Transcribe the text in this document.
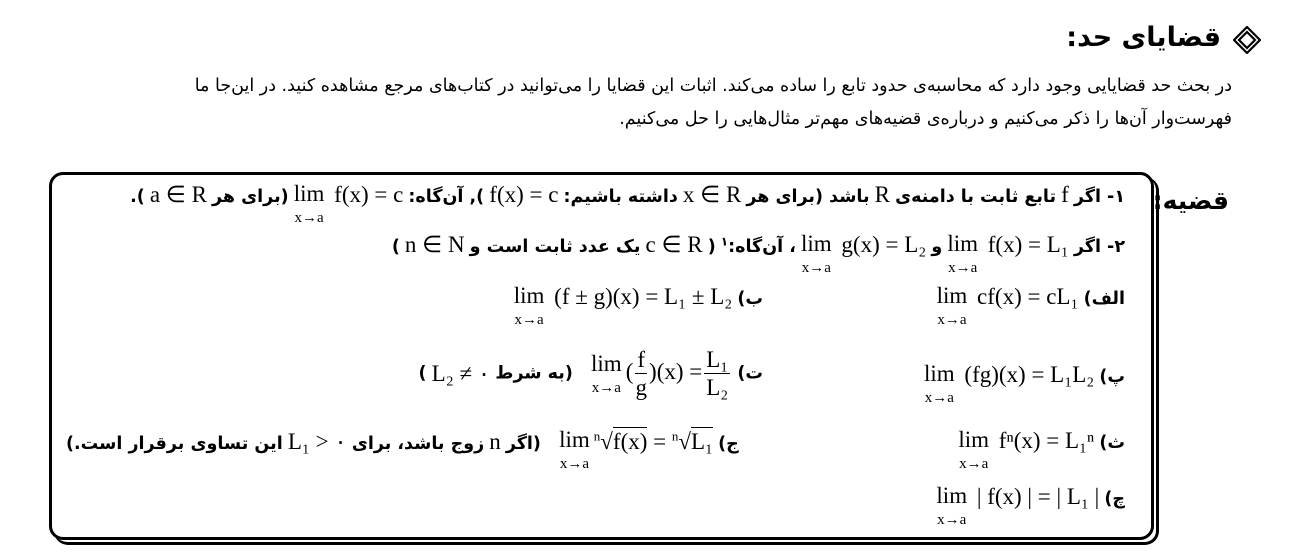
قضایای حد:

در بحث حد قضایایی وجود دارد که محاسبه‌ی حدود تابع را ساده می‌کند. اثبات این قضایا را می‌توانید در کتاب‌های مرجع مشاهده کنید. در این‌جا ما

فهرست‌وار آن‌ها را ذکر می‌کنیم و درباره‌ی قضیه‌های مهم‌تر مثال‌هایی را حل می‌کنیم.

قضیه:
۱- اگر f تابع ثابت با دامنه‌ی R باشد (برای هر x ∈ R داشته باشیم: f(x) = c ), آن‌گاه:
lim
x→a
f(x) = c (برای هر a ∈ R ).
۲- اگر
lim
x→a
f(x) = L₁ و
lim
x→a
g(x) = L₂ ، آن‌گاه:$^۱$ ( c ∈ R یک عدد ثابت است و n ∈ N )
الف)
lim
x→a
cf(x) = cL₁
ب)
lim
x→a
(f ± g)(x) = L₁ ± L₂
پ)
lim
x→a
(fg)(x) = L₁L₂
ت)
lim
x→a
( $\frac{f}{g} )(x) = \frac{\text{L₁}}{\text{L₂}}$
(به شرط L₂ ≠ ۰ )
ث)
lim
x→a
fⁿ(x) = L₁ⁿ
ج)
lim
x→a
$^n$√f(x) = $^n$√L₁  (اگر n زوج باشد، برای L₁ > ۰ این تساوی برقرار است.)
چ)
lim
x→a
| f(x) | = | L₁ |
